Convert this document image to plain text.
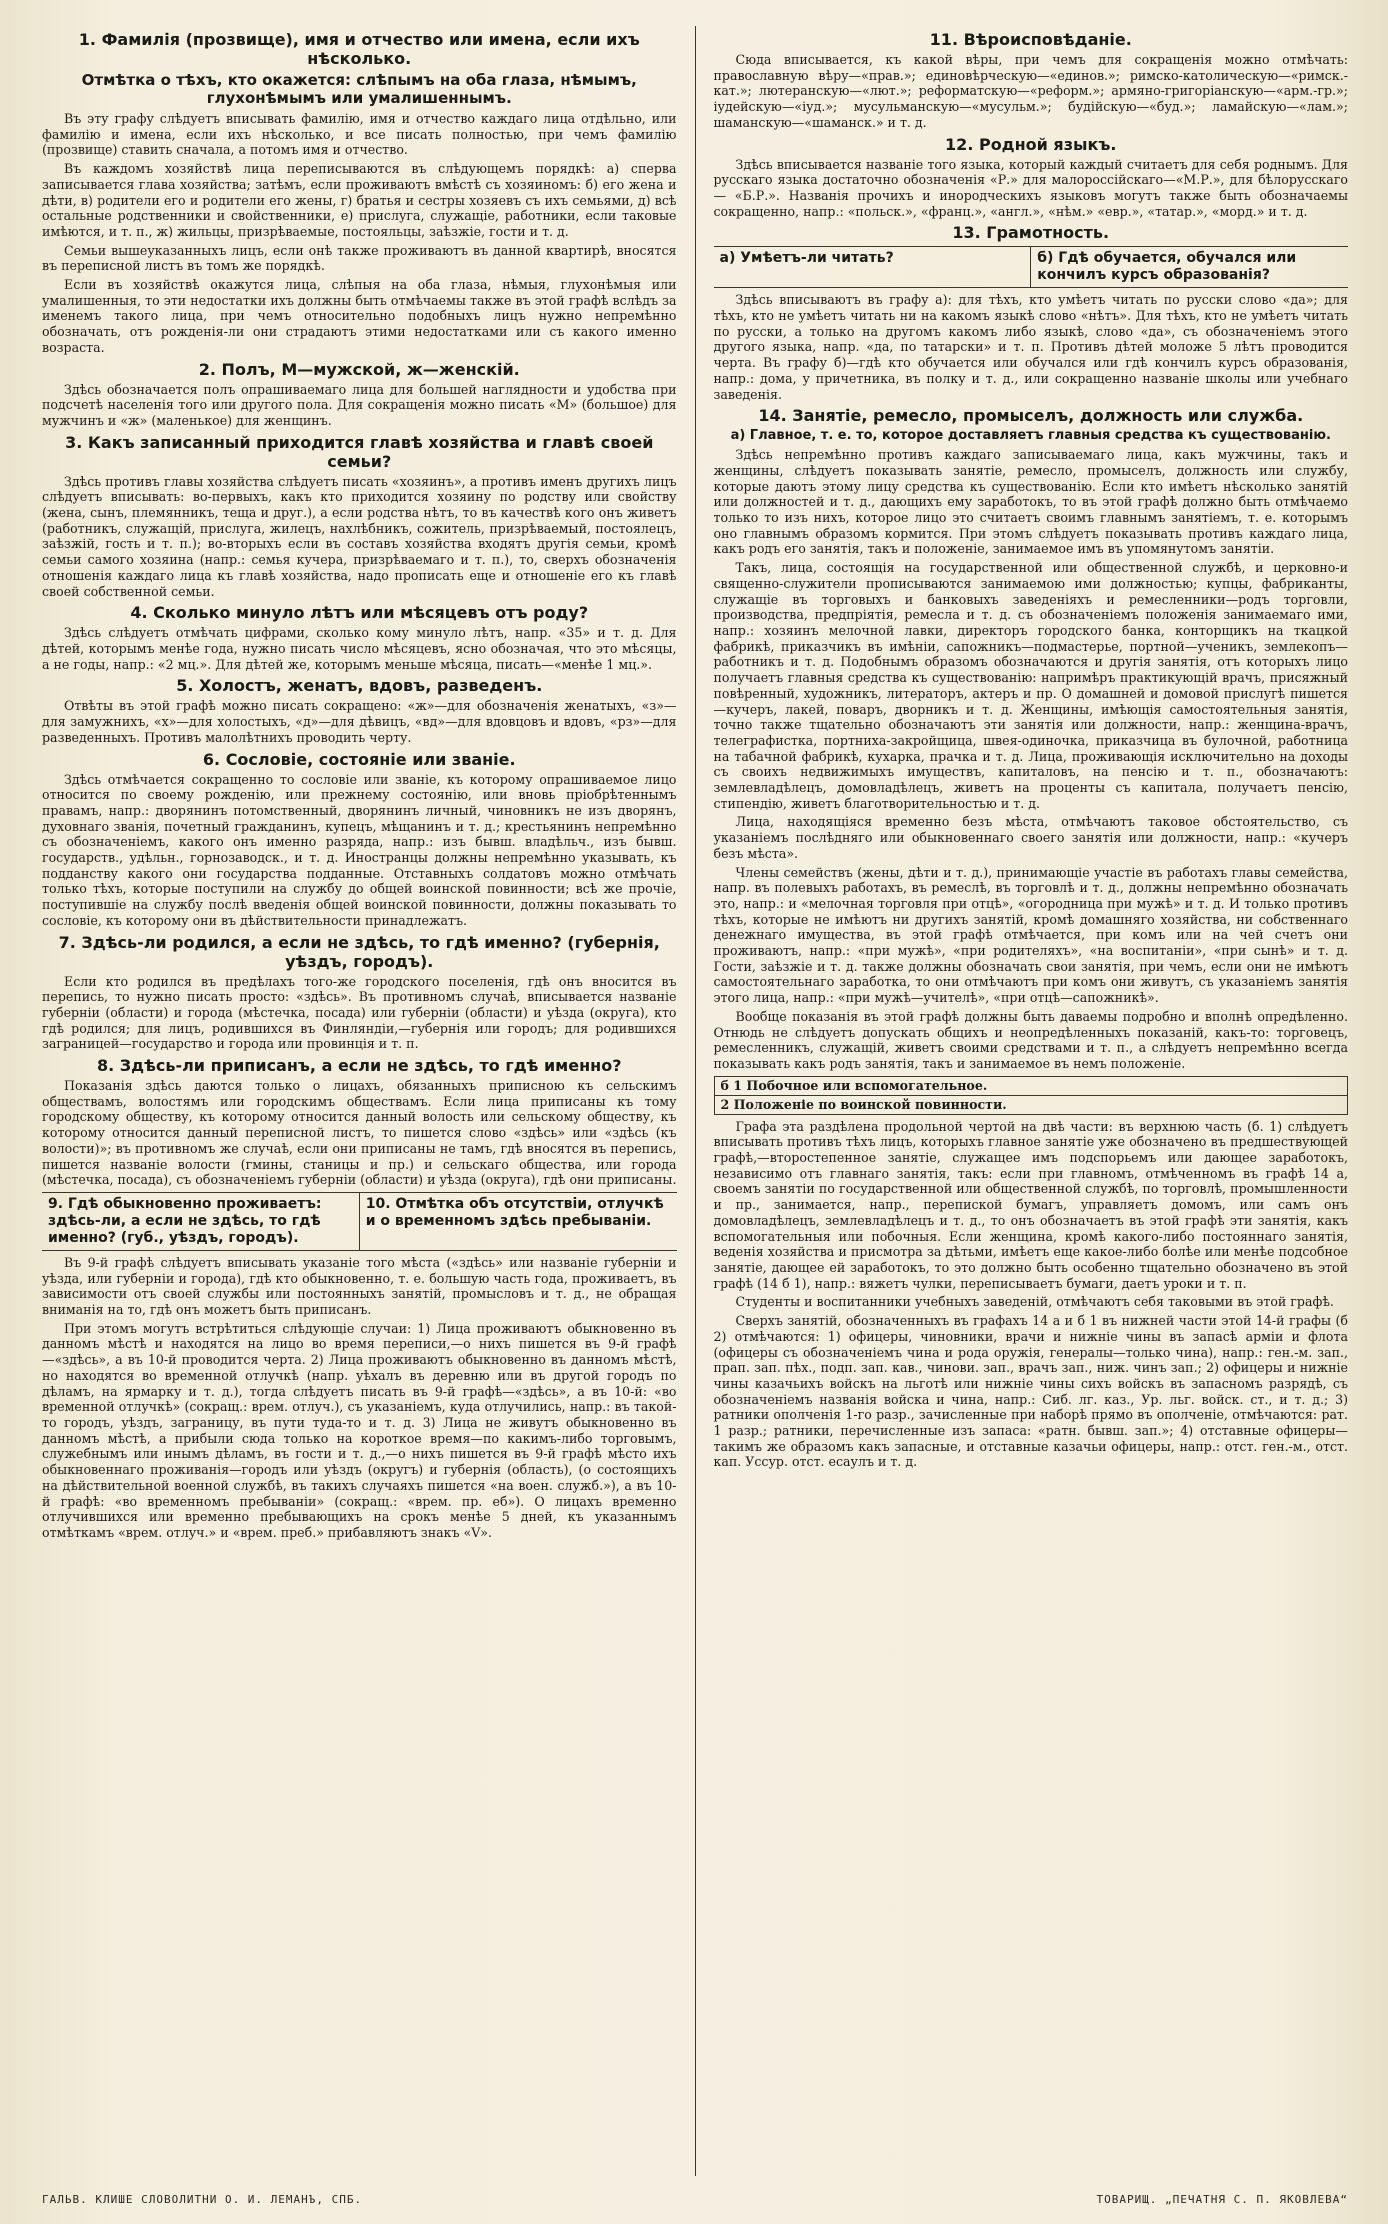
1. Фамилія (прозвище), имя и отчество или имена, если ихъ нѣсколько.
Отмѣтка о тѣхъ, кто окажется: слѣпымъ на оба глаза, нѣмымъ, глухонѣмымъ или умалишеннымъ.

Въ эту графу слѣдуетъ вписывать фамилію, имя и отчество каждаго лица отдѣльно, или фамилію и имена, если ихъ нѣсколько, и все писать полностью, при чемъ фамилію (прозвище) ставить сначала, а потомъ имя и отчество.

Въ каждомъ хозяйствѣ лица переписываются въ слѣдующемъ порядкѣ: а) сперва записывается глава хозяйства; затѣмъ, если проживаютъ вмѣстѣ съ хозяиномъ: б) его жена и дѣти, в) родители его и родители его жены, г) братья и сестры хозяевъ съ ихъ семьями, д) всѣ остальные родственники и свойственники, е) прислуга, служащіе, работники, если таковые имѣются, и т. п., ж) жильцы, призрѣваемые, постояльцы, заѣзжіе, гости и т. д.

Семьи вышеуказанныхъ лицъ, если онѣ также проживаютъ въ данной квартирѣ, вносятся въ переписной листъ въ томъ же порядкѣ.

Если въ хозяйствѣ окажутся лица, слѣпыя на оба глаза, нѣмыя, глухонѣмыя или умалишенныя, то эти недостатки ихъ должны быть отмѣчаемы также въ этой графѣ вслѣдъ за именемъ такого лица, при чемъ относительно подобныхъ лицъ нужно непремѣнно обозначать, отъ рожденія-ли они страдаютъ этими недостатками или съ какого именно возраста.

2. Полъ, М—мужской, ж—женскій.

Здѣсь обозначается полъ опрашиваемаго лица для большей наглядности и удобства при подсчетѣ населенія того или другого пола. Для сокращенія можно писать «М» (большое) для мужчинъ и «ж» (маленькое) для женщинъ.

3. Какъ записанный приходится главѣ хозяйства и главѣ своей семьи?

Здѣсь противъ главы хозяйства слѣдуетъ писать «хозяинъ», а противъ именъ другихъ лицъ слѣдуетъ вписывать: во-первыхъ, какъ кто приходится хозяину по родству или свойству (жена, сынъ, племянникъ, теща и друг.), а если родства нѣтъ, то въ качествѣ кого онъ живетъ (работникъ, служащій, прислуга, жилецъ, нахлѣбникъ, сожитель, призрѣваемый, постоялецъ, заѣзжій, гость и т. п.); во-вторыхъ если въ составъ хозяйства входятъ другія семьи, кромѣ семьи самого хозяина (напр.: семья кучера, призрѣваемаго и т. п.), то, сверхъ обозначенія отношенія каждаго лица къ главѣ хозяйства, надо прописать еще и отношеніе его къ главѣ своей собственной семьи.

4. Сколько минуло лѣтъ или мѣсяцевъ отъ роду?

Здѣсь слѣдуетъ отмѣчать цифрами, сколько кому минуло лѣтъ, напр. «35» и т. д. Для дѣтей, которымъ менѣе года, нужно писать число мѣсяцевъ, ясно обозначая, что это мѣсяцы, а не годы, напр.: «2 мц.». Для дѣтей же, которымъ меньше мѣсяца, писать—«менѣе 1 мц.».

5. Холостъ, женатъ, вдовъ, разведенъ.

Отвѣты въ этой графѣ можно писать сокращено: «ж»—для обозначенія женатыхъ, «з»—для замужнихъ, «х»—для холостыхъ, «д»—для дѣвицъ, «вд»—для вдовцовъ и вдовъ, «рз»—для разведенныхъ. Противъ малолѣтнихъ проводить черту.

6. Сословіе, состояніе или званіе.

Здѣсь отмѣчается сокращенно то сословіе или званіе, къ которому опрашиваемое лицо относится по своему рожденію, или прежнему состоянію, или вновь пріобрѣтеннымъ правамъ, напр.: дворянинъ потомственный, дворянинъ личный, чиновникъ не изъ дворянъ, духовнаго званія, почетный гражданинъ, купецъ, мѣщанинъ и т. д.; крестьянинъ непремѣнно съ обозначеніемъ, какого онъ именно разряда, напр.: изъ бывш. владѣльч., изъ бывш. государств., удѣльн., горнозаводск., и т. д. Иностранцы должны непремѣнно указывать, къ подданству какого они государства подданные. Отставныхъ солдатовъ можно отмѣчать только тѣхъ, которые поступили на службу до общей воинской повинности; всѣ же прочіе, поступившіе на службу послѣ введенія общей воинской повинности, должны показывать то сословіе, къ которому они въ дѣйствительности принадлежатъ.

7. Здѣсь-ли родился, а если не здѣсь, то гдѣ именно? (губернія, уѣздъ, городъ).

Если кто родился въ предѣлахъ того-же городского поселенія, гдѣ онъ вносится въ перепись, то нужно писать просто: «здѣсь». Въ противномъ случаѣ, вписывается названіе губерніи (области) и города (мѣстечка, посада) или губерніи (области) и уѣзда (округа), кто гдѣ родился; для лицъ, родившихся въ Финляндіи,—губернія или городъ; для родившихся заграницей—государство и города или провинція и т. п.

8. Здѣсь-ли приписанъ, а если не здѣсь, то гдѣ именно?

Показанія здѣсь даются только о лицахъ, обязанныхъ приписною къ сельскимъ обществамъ, волостямъ или городскимъ обществамъ. Если лица приписаны къ тому городскому обществу, къ которому относится данный волость или сельскому обществу, къ которому относится данный переписной листъ, то пишется слово «здѣсь» или «здѣсь (къ волости)»; въ противномъ же случаѣ, если они приписаны не тамъ, гдѣ вносятся въ перепись, пишется названіе волости (гмины, станицы и пр.) и сельскаго общества, или города (мѣстечка, посада), съ обозначеніемъ губерніи (области) и уѣзда (округа), гдѣ они приписаны.

9. Гдѣ обыкновенно проживаетъ: здѣсь-ли, а если не здѣсь, то гдѣ именно? (губ., уѣздъ, городъ).
10. Отмѣтка объ отсутствіи, отлучкѣ и о временномъ здѣсь пребываніи.

Въ 9-й графѣ слѣдуетъ вписывать указаніе того мѣста («здѣсь» или названіе губерніи и уѣзда, или губерніи и города), гдѣ кто обыкновенно, т. е. большую часть года, проживаетъ, въ зависимости отъ своей службы или постоянныхъ занятій, промысловъ и т. д., не обращая вниманія на то, гдѣ онъ можетъ быть приписанъ.

При этомъ могутъ встрѣтиться слѣдующіе случаи: 1) Лица проживаютъ обыкновенно въ данномъ мѣстѣ и находятся на лицо во время переписи,—о нихъ пишется въ 9-й графѣ—«здѣсь», а въ 10-й проводится черта. 2) Лица проживаютъ обыкновенно въ данномъ мѣстѣ, но находятся во временной отлучкѣ (напр. уѣхалъ въ деревню или въ другой городъ по дѣламъ, на ярмарку и т. д.), тогда слѣдуетъ писать въ 9-й графѣ—«здѣсь», а въ 10-й: «во временной отлучкѣ» (сокращ.: врем. отлуч.), съ указаніемъ, куда отлучились, напр.: въ такой-то городъ, уѣздъ, заграницу, въ пути туда-то и т. д. 3) Лица не живутъ обыкновенно въ данномъ мѣстѣ, а прибыли сюда только на короткое время—по какимъ-либо торговымъ, служебнымъ или инымъ дѣламъ, въ гости и т. д.,—о нихъ пишется въ 9-й графѣ мѣсто ихъ обыкновеннаго проживанія—городъ или уѣздъ (округъ) и губернія (область), (о состоящихъ на дѣйствительной военной службѣ, въ такихъ случаяхъ пишется «на воен. служб.»), а въ 10-й графѣ: «во временномъ пребываніи» (сокращ.: «врем. пр. еб»). О лицахъ временно отлучившихся или временно пребывающихъ на срокъ менѣе 5 дней, къ указаннымъ отмѣткамъ «врем. отлуч.» и «врем. преб.» прибавляютъ знакъ «V».

11. Вѣроисповѣданіе.

Сюда вписывается, къ какой вѣры, при чемъ для сокращенія можно отмѣчать: православную вѣру—«прав.»; единовѣрческую—«единов.»; римско-католическую—«римск.-кат.»; лютеранскую—«лют.»; реформатскую—«реформ.»; армяно-григоріанскую—«арм.-гр.»; іудейскую—«іуд.»; мусульманскую—«мусульм.»; будійскую—«буд.»; ламайскую—«лам.»; шаманскую—«шаманск.» и т. д.

12. Родной языкъ.

Здѣсь вписывается названіе того языка, который каждый считаетъ для себя роднымъ. Для русскаго языка достаточно обозначенія «Р.» для малороссійскаго—«М.Р.», для бѣлорусскаго — «Б.Р.». Названія прочихъ и инородческихъ языковъ могутъ также быть обозначаемы сокращенно, напр.: «польск.», «франц.», «англ.», «нѣм.» «евр.», «татар.», «морд.» и т. д.

13. Грамотность.
а) Умѣетъ-ли читать?	б) Гдѣ обучается, обучался или кончилъ курсъ образованія?

Здѣсь вписываютъ въ графу а): для тѣхъ, кто умѣетъ читать по русски слово «да»; для тѣхъ, кто не умѣетъ читать ни на какомъ языкѣ слово «нѣтъ». Для тѣхъ, кто не умѣетъ читать по русски, а только на другомъ какомъ либо языкѣ, слово «да», съ обозначеніемъ этого другого языка, напр. «да, по татарски» и т. п. Противъ дѣтей моложе 5 лѣтъ проводится черта. Въ графу б)—гдѣ кто обучается или обучался или гдѣ кончилъ курсъ образованія, напр.: дома, у причетника, въ полку и т. д., или сокращенно названіе школы или учебнаго заведенія.

14. Занятіе, ремесло, промыселъ, должность или служба.
а) Главное, т. е. то, которое доставляетъ главныя средства къ существованію.

Здѣсь непремѣнно противъ каждаго записываемаго лица, какъ мужчины, такъ и женщины, слѣдуетъ показывать занятіе, ремесло, промыселъ, должность или службу, которые даютъ этому лицу средства къ существованію. Если кто имѣетъ нѣсколько занятій или должностей и т. д., дающихъ ему заработокъ, то въ этой графѣ должно быть отмѣчаемо только то изъ нихъ, которое лицо это считаетъ своимъ главнымъ занятіемъ, т. е. которымъ оно главнымъ образомъ кормится. При этомъ слѣдуетъ показывать противъ каждаго лица, какъ родъ его занятія, такъ и положеніе, занимаемое имъ въ упомянутомъ занятіи.

Такъ, лица, состоящія на государственной или общественной службѣ, и церковно-и священно-служители прописываются занимаемою ими должностью; купцы, фабриканты, служащіе въ торговыхъ и банковыхъ заведеніяхъ и ремесленники—родъ торговли, производства, предпріятія, ремесла и т. д. съ обозначеніемъ положенія занимаемаго ими, напр.: хозяинъ мелочной лавки, директоръ городского банка, конторщикъ на ткацкой фабрикѣ, приказчикъ въ имѣніи, сапожникъ—подмастерье, портной—ученикъ, землекопъ—работникъ и т. д. Подобнымъ образомъ обозначаются и другія занятія, отъ которыхъ лицо получаетъ главныя средства къ существованію: напримѣръ практикующій врачъ, присяжный повѣренный, художникъ, литераторъ, актеръ и пр. О домашней и домовой прислугѣ пишется—кучеръ, лакей, поваръ, дворникъ и т. д. Женщины, имѣющія самостоятельныя занятія, точно также тщательно обозначаютъ эти занятія или должности, напр.: женщина-врачъ, телеграфистка, портниха-закройщица, швея-одиночка, приказчица въ булочной, работница на табачной фабрикѣ, кухарка, прачка и т. д. Лица, проживающія исключительно на доходы съ своихъ недвижимыхъ имуществъ, капиталовъ, на пенсію и т. п., обозначаютъ: землевладѣлецъ, домовладѣлецъ, живетъ на проценты съ капитала, получаетъ пенсію, стипендію, живетъ благотворительностью и т. д.

Лица, находящіяся временно безъ мѣста, отмѣчаютъ таковое обстоятельство, съ указаніемъ послѣдняго или обыкновеннаго своего занятія или должности, напр.: «кучеръ безъ мѣста».

Члены семействъ (жены, дѣти и т. д.), принимающіе участіе въ работахъ главы семейства, напр. въ полевыхъ работахъ, въ ремеслѣ, въ торговлѣ и т. д., должны непремѣнно обозначать это, напр.: и «мелочная торговля при отцѣ», «огородница при мужѣ» и т. д. И только противъ тѣхъ, которые не имѣютъ ни другихъ занятій, кромѣ домашняго хозяйства, ни собственнаго денежнаго имущества, въ этой графѣ отмѣчается, при комъ или на чей счетъ они проживаютъ, напр.: «при мужѣ», «при родителяхъ», «на воспитаніи», «при сынѣ» и т. д. Гости, заѣзжіе и т. д. также должны обозначать свои занятія, при чемъ, если они не имѣютъ самостоятельнаго заработка, то они отмѣчаютъ при комъ они живутъ, съ указаніемъ занятія этого лица, напр.: «при мужѣ—учителѣ», «при отцѣ—сапожникѣ».

Вообще показанія въ этой графѣ должны быть даваемы подробно и вполнѣ опредѣленно. Отнюдь не слѣдуетъ допускать общихъ и неопредѣленныхъ показаній, какъ-то: торговецъ, ремесленникъ, служащій, живетъ своими средствами и т. п., а слѣдуетъ непремѣнно всегда показывать какъ родъ занятія, такъ и занимаемое въ немъ положеніе.

б 1 Побочное или вспомогательное.
2 Положеніе по воинской повинности.

Графа эта раздѣлена продольной чертой на двѣ части: въ верхнюю часть (б. 1) слѣдуетъ вписывать противъ тѣхъ лицъ, которыхъ главное занятіе уже обозначено въ предшествующей графѣ,—второстепенное занятіе, служащее имъ подспорьемъ или дающее заработокъ, независимо отъ главнаго занятія, такъ: если при главномъ, отмѣченномъ въ графѣ 14 а, своемъ занятіи по государственной или общественной службѣ, по торговлѣ, промышленности и пр., занимается, напр., перепиской бумагъ, управляетъ домомъ, или самъ онъ домовладѣлецъ, землевладѣлецъ и т. д., то онъ обозначаетъ въ этой графѣ эти занятія, какъ вспомогательныя или побочныя. Если женщина, кромѣ какого-либо постояннаго занятія, веденія хозяйства и присмотра за дѣтьми, имѣетъ еще какое-либо болѣе или менѣе подсобное занятіе, дающее ей заработокъ, то это должно быть особенно тщательно обозначено въ этой графѣ (14 б 1), напр.: вяжетъ чулки, переписываетъ бумаги, даетъ уроки и т. п.

Студенты и воспитанники учебныхъ заведеній, отмѣчаютъ себя таковыми въ этой графѣ.

Сверхъ занятій, обозначенныхъ въ графахъ 14 а и б 1 въ нижней части этой 14-й графы (б 2) отмѣчаются: 1) офицеры, чиновники, врачи и нижніе чины въ запасѣ арміи и флота (офицеры съ обозначеніемъ чина и рода оружія, генералы—только чина), напр.: ген.-м. зап., прап. зап. пѣх., подп. зап. кав., чинови. зап., врачъ зап., ниж. чинъ зап.; 2) офицеры и нижніе чины казачьихъ войскъ на льготѣ или нижніе чины сихъ войскъ въ запасномъ разрядѣ, съ обозначеніемъ названія войска и чина, напр.: Сиб. лг. каз., Ур. льг. войск. ст., и т. д.; 3) ратники ополченія 1-го разр., зачисленные при наборѣ прямо въ ополченіе, отмѣчаются: рат. 1 разр.; ратники, перечисленные изъ запаса: «ратн. бывш. зап.»; 4) отставные офицеры—такимъ же образомъ какъ запасные, и отставные казачьи офицеры, напр.: отст. ген.-м., отст. кап. Уссур. отст. есаулъ и т. д.

ГАЛЬВ. КЛИШЕ СЛОВОЛИТНИ О. И. ЛЕМАНЪ, СПБ.	ТОВАРИЩ. „ПЕЧАТНЯ С. П. ЯКОВЛЕВА“
